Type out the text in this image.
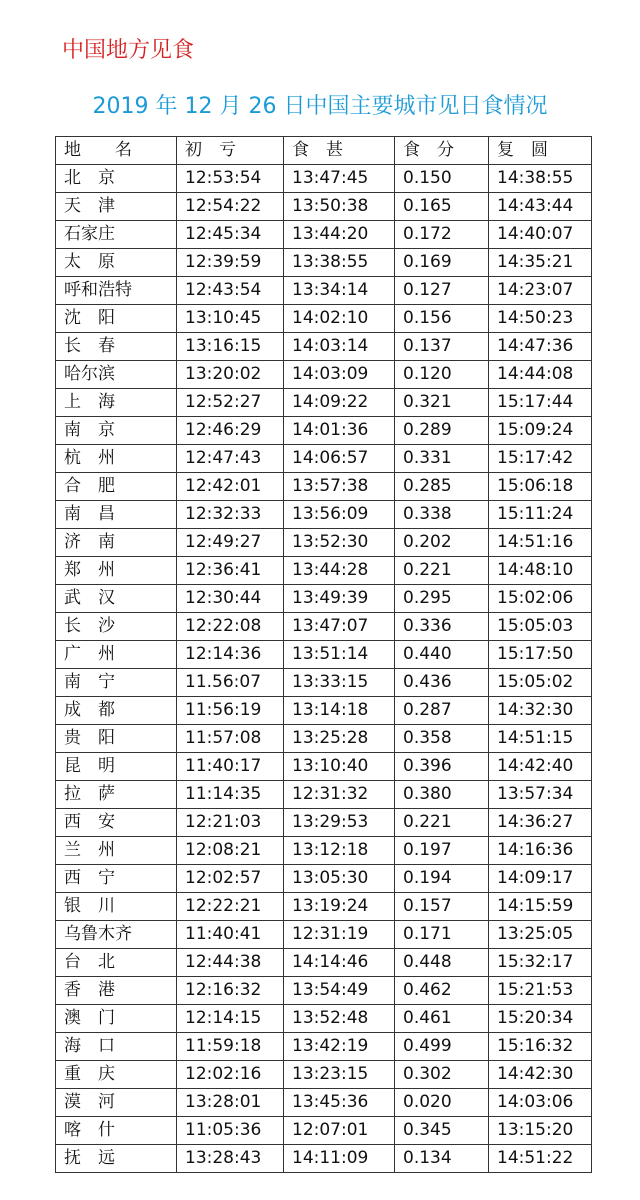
中国地方见食
2019 年 12 月 26 日中国主要城市见日食情况
地　　名	初　亏	食　甚	食　分	复　圆
北　京	12:53:54	13:47:45	0.150	14:38:55
天　津	12:54:22	13:50:38	0.165	14:43:44
石家庄	12:45:34	13:44:20	0.172	14:40:07
太　原	12:39:59	13:38:55	0.169	14:35:21
呼和浩特	12:43:54	13:34:14	0.127	14:23:07
沈　阳	13:10:45	14:02:10	0.156	14:50:23
长　春	13:16:15	14:03:14	0.137	14:47:36
哈尔滨	13:20:02	14:03:09	0.120	14:44:08
上　海	12:52:27	14:09:22	0.321	15:17:44
南　京	12:46:29	14:01:36	0.289	15:09:24
杭　州	12:47:43	14:06:57	0.331	15:17:42
合　肥	12:42:01	13:57:38	0.285	15:06:18
南　昌	12:32:33	13:56:09	0.338	15:11:24
济　南	12:49:27	13:52:30	0.202	14:51:16
郑　州	12:36:41	13:44:28	0.221	14:48:10
武　汉	12:30:44	13:49:39	0.295	15:02:06
长　沙	12:22:08	13:47:07	0.336	15:05:03
广　州	12:14:36	13:51:14	0.440	15:17:50
南　宁	11.56:07	13:33:15	0.436	15:05:02
成　都	11:56:19	13:14:18	0.287	14:32:30
贵　阳	11:57:08	13:25:28	0.358	14:51:15
昆　明	11:40:17	13:10:40	0.396	14:42:40
拉　萨	11:14:35	12:31:32	0.380	13:57:34
西　安	12:21:03	13:29:53	0.221	14:36:27
兰　州	12:08:21	13:12:18	0.197	14:16:36
西　宁	12:02:57	13:05:30	0.194	14:09:17
银　川	12:22:21	13:19:24	0.157	14:15:59
乌鲁木齐	11:40:41	12:31:19	0.171	13:25:05
台　北	12:44:38	14:14:46	0.448	15:32:17
香　港	12:16:32	13:54:49	0.462	15:21:53
澳　门	12:14:15	13:52:48	0.461	15:20:34
海　口	11:59:18	13:42:19	0.499	15:16:32
重　庆	12:02:16	13:23:15	0.302	14:42:30
漠　河	13:28:01	13:45:36	0.020	14:03:06
喀　什	11:05:36	12:07:01	0.345	13:15:20
抚　远	13:28:43	14:11:09	0.134	14:51:22
